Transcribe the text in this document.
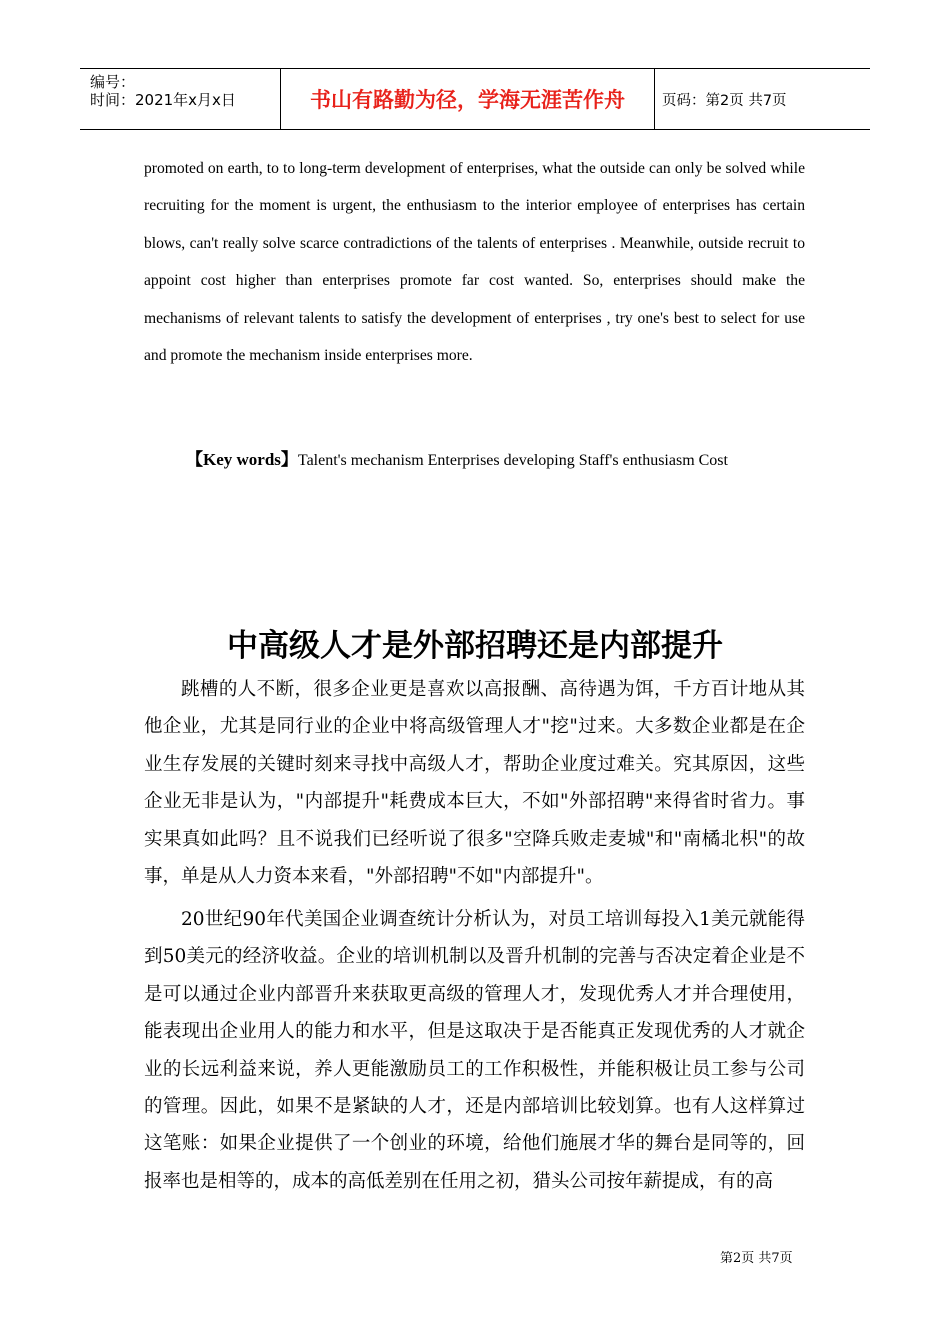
编号：
时间：2021年x月x日	书山有路勤为径，学海无涯苦作舟	页码：第2页 共7页

promoted on earth, to to long-term development of enterprises, what the outside can only be solved while recruiting for the moment is urgent, the enthusiasm to the interior employee of enterprises has certain blows, can't really solve scarce contradictions of the talents of enterprises . Meanwhile, outside recruit to appoint cost higher than enterprises promote far cost wanted. So, enterprises should make the mechanisms of relevant talents to satisfy the development of enterprises , try one's best to select for use and promote the mechanism inside enterprises more.

【Key words】Talent's mechanism Enterprises developing Staff's enthusiasm Cost
中高级人才是外部招聘还是内部提升

跳槽的人不断，很多企业更是喜欢以高报酬、高待遇为饵，千方百计地从其他企业，尤其是同行业的企业中将高级管理人才"挖"过来。大多数企业都是在企业生存发展的关键时刻来寻找中高级人才，帮助企业度过难关。究其原因，这些企业无非是认为，"内部提升"耗费成本巨大，不如"外部招聘"来得省时省力。事实果真如此吗？且不说我们已经听说了很多"空降兵败走麦城"和"南橘北枳"的故事，单是从人力资本来看，"外部招聘"不如"内部提升"。

20世纪90年代美国企业调查统计分析认为，对员工培训每投入1美元就能得到50美元的经济收益。企业的培训机制以及晋升机制的完善与否决定着企业是不是可以通过企业内部晋升来获取更高级的管理人才，发现优秀人才并合理使用，能表现出企业用人的能力和水平，但是这取决于是否能真正发现优秀的人才就企业的长远利益来说，养人更能激励员工的工作积极性，并能积极让员工参与公司的管理。因此，如果不是紧缺的人才，还是内部培训比较划算。也有人这样算过这笔账：如果企业提供了一个创业的环境，给他们施展才华的舞台是同等的，回报率也是相等的，成本的高低差别在任用之初，猎头公司按年薪提成，有的高

第2页 共7页
